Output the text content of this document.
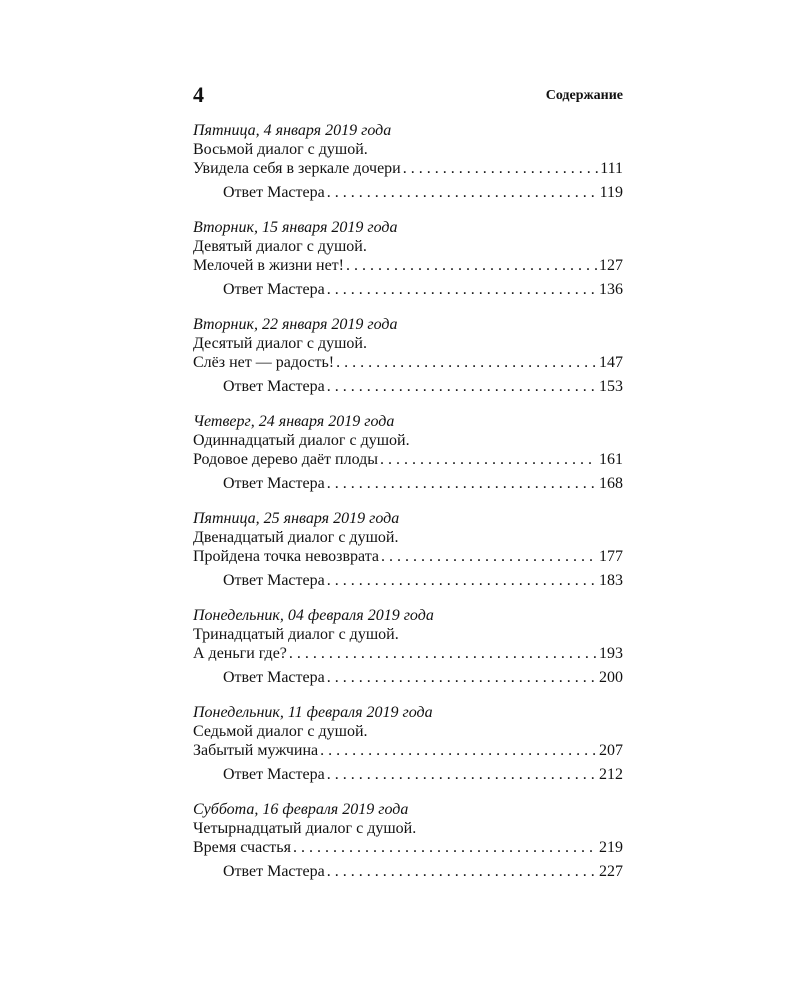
4	Содержание
Пятница, 4 января 2019 года
Восьмой диалог с душой.
Увидела себя в зеркале дочери . . .	111
Ответ Мастера . . .	119
Вторник, 15 января 2019 года
Девятый диалог с душой.
Мелочей в жизни нет! . . .	127
Ответ Мастера . . .	136
Вторник, 22 января 2019 года
Десятый диалог с душой.
Слёз нет — радость! . . .	147
Ответ Мастера . . .	153
Четверг, 24 января 2019 года
Одиннадцатый диалог с душой.
Родовое дерево даёт плоды . . .	161
Ответ Мастера . . .	168
Пятница, 25 января 2019 года
Двенадцатый диалог с душой.
Пройдена точка невозврата . . .	177
Ответ Мастера . . .	183
Понедельник, 04 февраля 2019 года
Тринадцатый диалог с душой.
А деньги где? . . .	193
Ответ Мастера . . .	200
Понедельник, 11 февраля 2019 года
Седьмой диалог с душой.
Забытый мужчина . . .	207
Ответ Мастера . . .	212
Суббота, 16 февраля 2019 года
Четырнадцатый диалог с душой.
Время счастья . . .	219
Ответ Мастера . . .	227
